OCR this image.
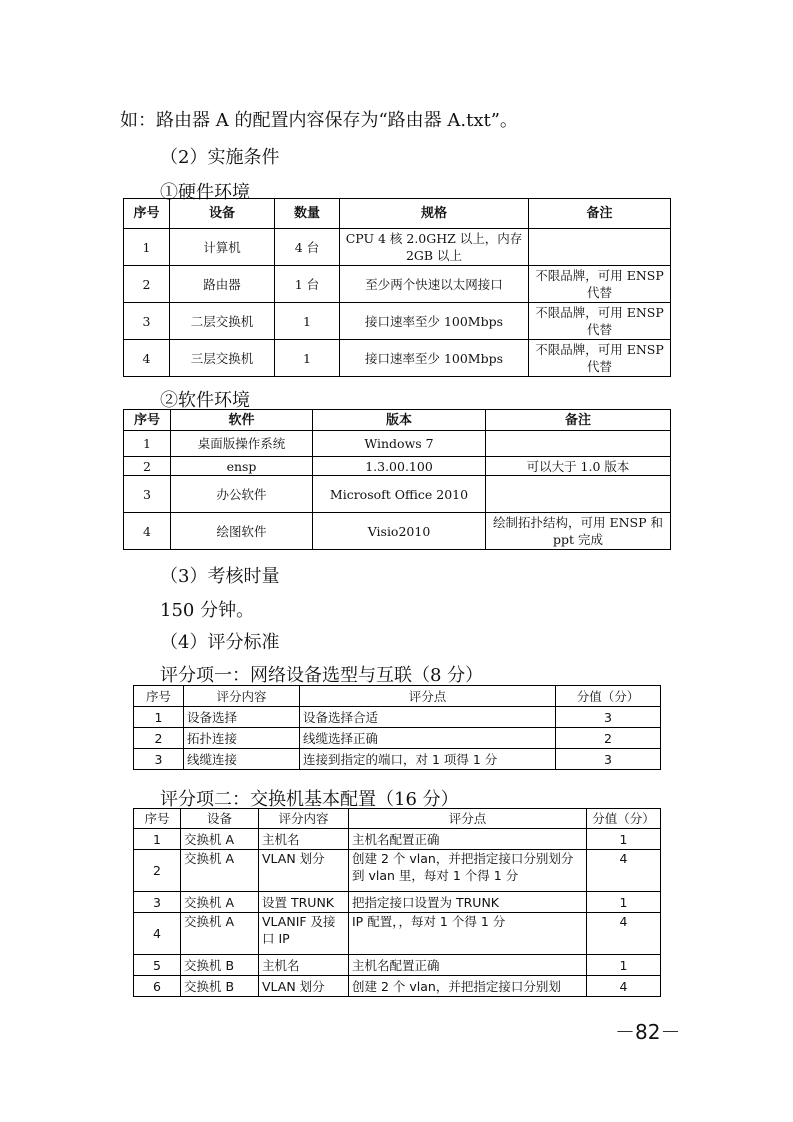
如：路由器 A 的配置内容保存为“路由器 A.txt”。
（2）实施条件
①硬件环境
序号	设备	数量	规格	备注
1	计算机	4 台	CPU 4 核 2.0GHZ 以上，内存 2GB 以上	
2	路由器	1 台	至少两个快速以太网接口	不限品牌，可用 ENSP 代替
3	二层交换机	1	接口速率至少 100Mbps	不限品牌，可用 ENSP 代替
4	三层交换机	1	接口速率至少 100Mbps	不限品牌，可用 ENSP 代替
②软件环境
序号	软件	版本	备注
1	桌面版操作系统	Windows 7	
2	ensp	1.3.00.100	可以大于 1.0 版本
3	办公软件	Microsoft Office 2010	
4	绘图软件	Visio2010	绘制拓扑结构，可用 ENSP 和 ppt 完成
（3）考核时量
150 分钟。
（4）评分标准
评分项一：网络设备选型与互联（8 分）
序号	评分内容	评分点	分值（分）
1	设备选择	设备选择合适	3
2	拓扑连接	线缆选择正确	2
3	线缆连接	连接到指定的端口，对 1 项得 1 分	3
评分项二：交换机基本配置（16 分）
序号	设备	评分内容	评分点	分值（分）
1	交换机 A	主机名	主机名配置正确	1
2	交换机 A	VLAN 划分	创建 2 个 vlan，并把指定接口分别划分到 vlan 里，每对 1 个得 1 分	4
3	交换机 A	设置 TRUNK	把指定接口设置为 TRUNK	1
4	交换机 A	VLANIF 及接口 IP	IP 配置，，每对 1 个得 1 分	4
5	交换机 B	主机名	主机名配置正确	1
6	交换机 B	VLAN 划分	创建 2 个 vlan，并把指定接口分别划	4
－82－
